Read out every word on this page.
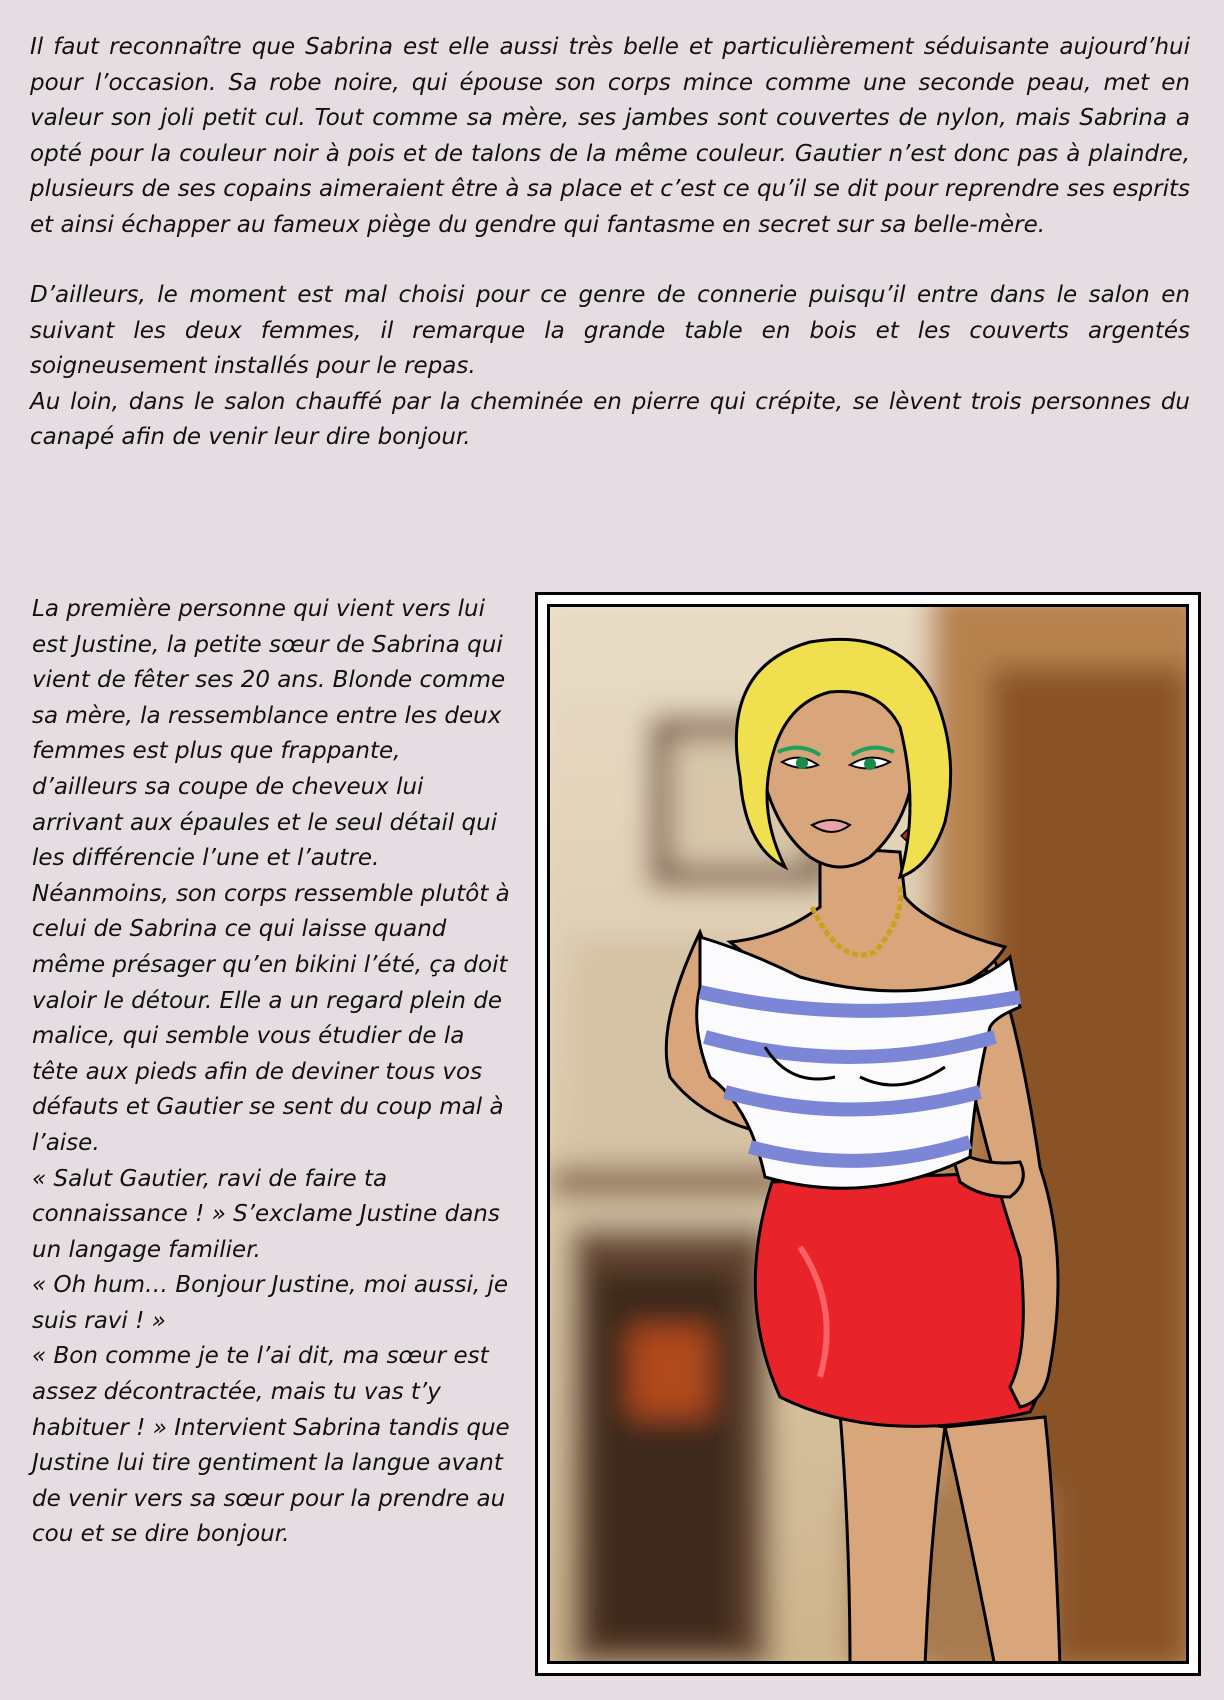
Il faut reconnaître que Sabrina est elle aussi très belle et particulièrement séduisante aujourd’hui pour l’occasion. Sa robe noire, qui épouse son corps mince comme une seconde peau, met en valeur son joli petit cul. Tout comme sa mère, ses jambes sont couvertes de nylon, mais Sabrina a opté pour la couleur noir à pois et de talons de la même couleur. Gautier n’est donc pas à plaindre, plusieurs de ses copains aimeraient être à sa place et c’est ce qu’il se dit pour reprendre ses esprits et ainsi échapper au fameux piège du gendre qui fantasme en secret sur sa belle-mère.

D’ailleurs, le moment est mal choisi pour ce genre de connerie puisqu’il entre dans le salon en suivant les deux femmes, il remarque la grande table en bois et les couverts argentés soigneusement installés pour le repas.

Au loin, dans le salon chauffé par la cheminée en pierre qui crépite, se lèvent trois personnes du canapé afin de venir leur dire bonjour.

La première personne qui vient vers lui est Justine, la petite sœur de Sabrina qui vient de fêter ses 20 ans. Blonde comme sa mère, la ressemblance entre les deux femmes est plus que frappante, d’ailleurs sa coupe de cheveux lui arrivant aux épaules et le seul détail qui les différencie l’une et l’autre.

Néanmoins, son corps ressemble plutôt à celui de Sabrina ce qui laisse quand même présager qu’en bikini l’été, ça doit valoir le détour. Elle a un regard plein de malice, qui semble vous étudier de la tête aux pieds afin de deviner tous vos défauts et Gautier se sent du coup mal à l’aise.

« Salut Gautier, ravi de faire ta connaissance ! » S’exclame Justine dans un langage familier.

« Oh hum… Bonjour Justine, moi aussi, je suis ravi ! »

« Bon comme je te l’ai dit, ma sœur est assez décontractée, mais tu vas t’y habituer ! » Intervient Sabrina tandis que Justine lui tire gentiment la langue avant de venir vers sa sœur pour la prendre au cou et se dire bonjour.
